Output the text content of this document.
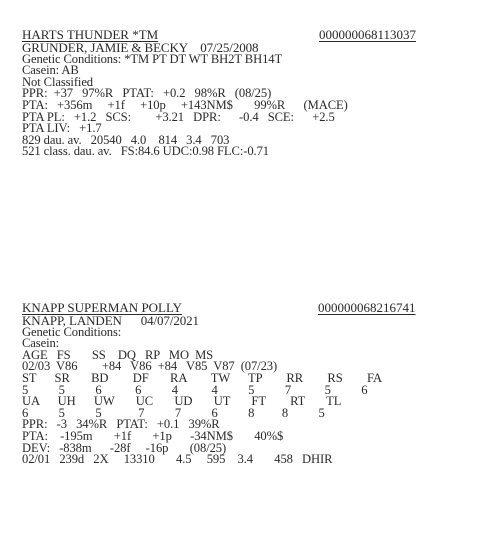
HARTS THUNDER *TM	000000068113037
GRUNDER, JAMIE & BECKY    07/25/2008
Genetic Conditions: *TM PT DT WT BH2T BH14T
Casein: AB
Not Classified
PPR:  +37   97%R   PTAT:   +0.2   98%R   (08/25)
PTA:   +356m     +1f     +10p     +143NM$       99%R      (MACE)
PTA PL:   +1.2   SCS:        +3.21   DPR:      -0.4   SCE:      +2.5
PTA LIV:   +1.7
829 dau. av.   20540   4.0    814   3.4   703
521 class. dau. av.   FS:84.6 UDC:0.98 FLC:-0.71
KNAPP SUPERMAN POLLY	000000068216741
KNAPP, LANDEN      04/07/2021
Genetic Conditions:
Casein:
AGE   FS       SS    DQ   RP   MO  MS
02/03  V86        +84   V86  +84   V85  V87  (07/23)
ST      SR       BD        DF       RA        TW      TP        RR        RS        FA
5          5          6           6          4           4          5          7           5          6
UA      UH      UW       UC       UD       UT       FT        RT       TL
6          5          5            7          7          6          8         8          5
PPR:   -3   34%R   PTAT:   +0.1   39%R
PTA:    -195m       +1f       +1p      -34NM$       40%$
DEV:   -838m      -28f     -16p       (08/25)
02/01   239d   2X     13310       4.5     595    3.4       458   DHIR
